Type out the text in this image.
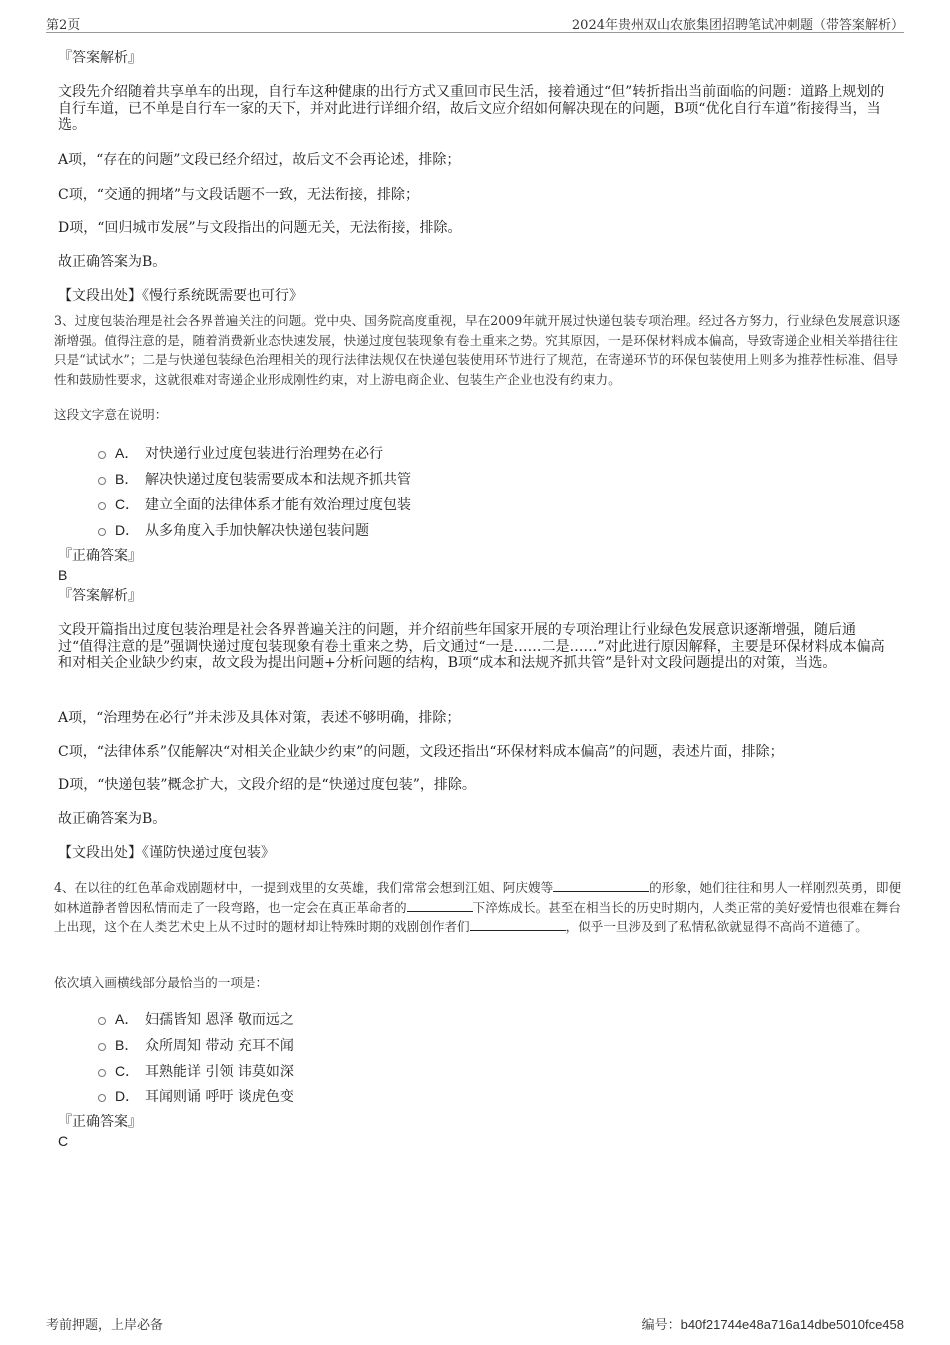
第2页	2024年贵州双山农旅集团招聘笔试冲刺题（带答案解析）
『答案解析』
文段先介绍随着共享单车的出现，自行车这种健康的出行方式又重回市民生活，接着通过“但”转折指出当前面临的问题：道路上规划的自行车道，已不单是自行车一家的天下，并对此进行详细介绍，故后文应介绍如何解决现在的问题，B项“优化自行车道”衔接得当，当选。
A项，“存在的问题”文段已经介绍过，故后文不会再论述，排除；
C项，“交通的拥堵”与文段话题不一致，无法衔接，排除；
D项，“回归城市发展”与文段指出的问题无关，无法衔接，排除。
故正确答案为B。
【文段出处】《慢行系统既需要也可行》
3、过度包装治理是社会各界普遍关注的问题。党中央、国务院高度重视，早在2009年就开展过快递包装专项治理。经过各方努力，行业绿色发展意识逐渐增强。值得注意的是，随着消费新业态快速发展，快递过度包装现象有卷土重来之势。究其原因，一是环保材料成本偏高，导致寄递企业相关举措往往只是“试试水”；二是与快递包装绿色治理相关的现行法律法规仅在快递包装使用环节进行了规范，在寄递环节的环保包装使用上则多为推荐性标准、倡导性和鼓励性要求，这就很难对寄递企业形成刚性约束，对上游电商企业、包装生产企业也没有约束力。
这段文字意在说明：
A． 对快递行业过度包装进行治理势在必行
B． 解决快递过度包装需要成本和法规齐抓共管
C． 建立全面的法律体系才能有效治理过度包装
D． 从多角度入手加快解决快递包装问题
『正确答案』
B
『答案解析』
文段开篇指出过度包装治理是社会各界普遍关注的问题，并介绍前些年国家开展的专项治理让行业绿色发展意识逐渐增强，随后通过“值得注意的是”强调快递过度包装现象有卷土重来之势，后文通过“一是……二是……”对此进行原因解释，主要是环保材料成本偏高和对相关企业缺少约束，故文段为提出问题+分析问题的结构，B项“成本和法规齐抓共管”是针对文段问题提出的对策，当选。
A项，“治理势在必行”并未涉及具体对策，表述不够明确，排除；
C项，“法律体系”仅能解决“对相关企业缺少约束”的问题，文段还指出“环保材料成本偏高”的问题，表述片面，排除；
D项，“快递包装”概念扩大，文段介绍的是“快递过度包装”，排除。
故正确答案为B。
【文段出处】《谨防快递过度包装》
4、在以往的红色革命戏剧题材中，一提到戏里的女英雄，我们常常会想到江姐、阿庆嫂等	的形象，她们往往和男人一样刚烈英勇，即便如林道静者曾因私情而走了一段弯路，也一定会在真正革命者的	下淬炼成长。甚至在相当长的历史时期内，人类正常的美好爱情也很难在舞台上出现，这个在人类艺术史上从不过时的题材却让特殊时期的戏剧创作者们	，似乎一旦涉及到了私情私欲就显得不高尚不道德了。
依次填入画横线部分最恰当的一项是：
A． 妇孺皆知 恩泽 敬而远之
B． 众所周知 带动 充耳不闻
C． 耳熟能详 引领 讳莫如深
D． 耳闻则诵 呼吁 谈虎色变
『正确答案』
C
考前押题，上岸必备	编号：b40f21744e48a716a14dbe5010fce458
